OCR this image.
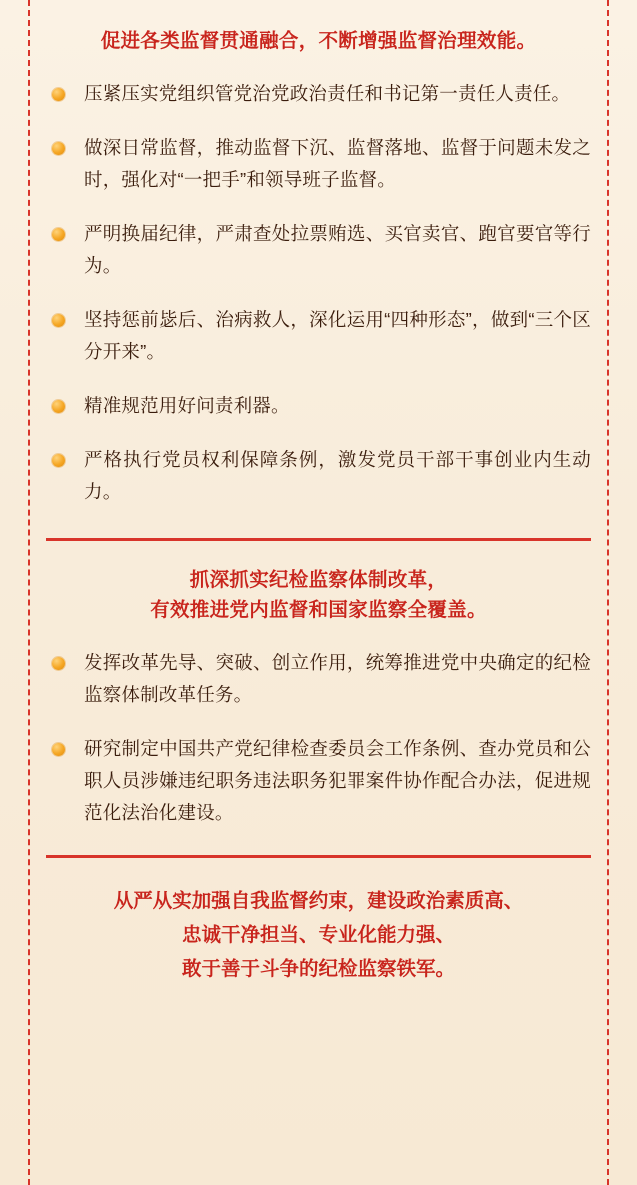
促进各类监督贯通融合，不断增强监督治理效能。
压紧压实党组织管党治党政治责任和书记第一责任人责任。
做深日常监督，推动监督下沉、监督落地、监督于问题未发之时，强化对“一把手”和领导班子监督。
严明换届纪律，严肃查处拉票贿选、买官卖官、跑官要官等行为。
坚持惩前毖后、治病救人，深化运用“四种形态”，做到“三个区分开来”。
精准规范用好问责利器。
严格执行党员权利保障条例，激发党员干部干事创业内生动力。
抓深抓实纪检监察体制改革，
有效推进党内监督和国家监察全覆盖。
发挥改革先导、突破、创立作用，统筹推进党中央确定的纪检监察体制改革任务。
研究制定中国共产党纪律检查委员会工作条例、查办党员和公职人员涉嫌违纪职务违法职务犯罪案件协作配合办法，促进规范化法治化建设。
从严从实加强自我监督约束，建设政治素质高、
忠诚干净担当、专业化能力强、
敢于善于斗争的纪检监察铁军。
